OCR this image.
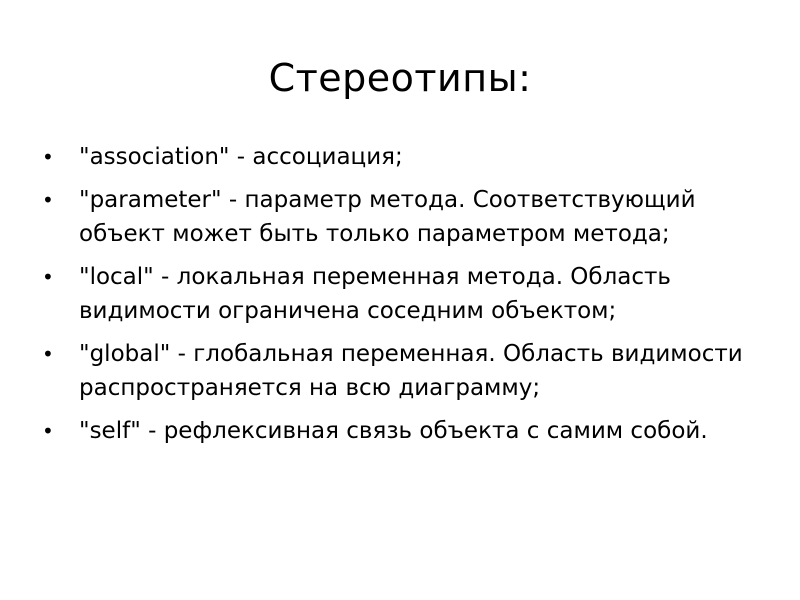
Стереотипы:
• "association" - ассоциация;
• "parameter" - параметр метода. Соответствующий объект может быть только параметром метода;
• "local" - локальная переменная метода. Область видимости ограничена соседним объектом;
• "global" - глобальная переменная. Область видимости распространяется на всю диаграмму;
• "self" - рефлексивная связь объекта с самим собой.
